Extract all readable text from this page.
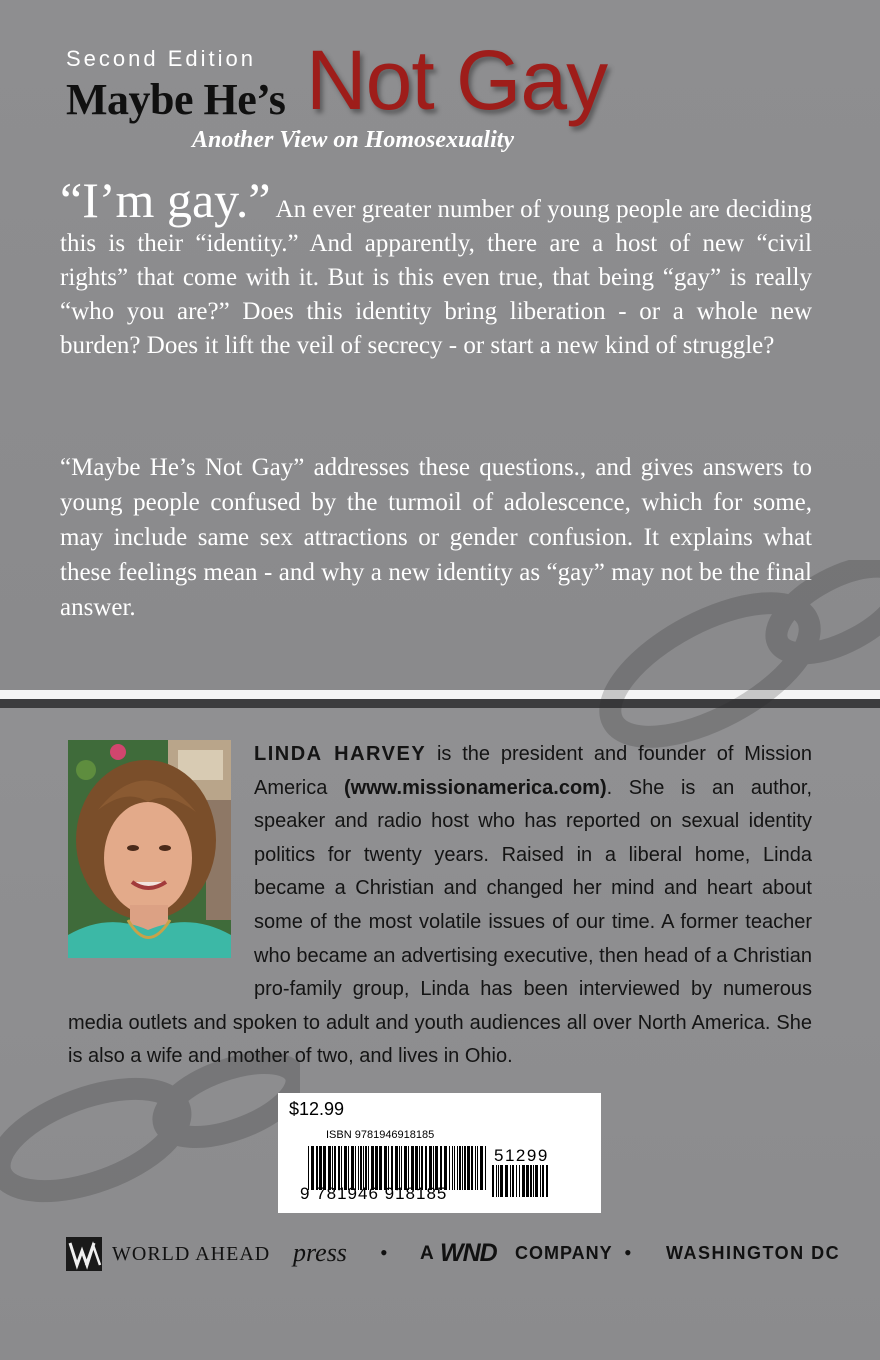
Second Edition
Maybe He’s Not Gay
Another View on Homosexuality
“I’m gay.” An ever greater number of young people are deciding this is their “identity.” And apparently, there are a host of new “civil rights” that come with it. But is this even true, that being “gay” is really “who you are?” Does this identity bring liberation - or a whole new burden? Does it lift the veil of secrecy - or start a new kind of struggle?
“Maybe He’s Not Gay” addresses these questions., and gives answers to young people confused by the turmoil of adolescence, which for some, may include same sex attractions or gender confusion. It explains what these feelings mean - and why a new identity as “gay” may not be the final answer.
LINDA HARVEY is the president and founder of Mission America (www.missionamerica.com). She is an author, speaker and radio host who has reported on sexual identity politics for twenty years. Raised in a liberal home, Linda became a Christian and changed her mind and heart about some of the most volatile issues of our time. A former teacher who became an advertising executive, then head of a Christian pro-family group, Linda has been interviewed by numerous media outlets and spoken to adult and youth audiences all over North America. She is also a wife and mother of two, and lives in Ohio.
$12.99
ISBN 9781946918185
9 781946 918185
51299
WORLD AHEAD press • A WND COMPANY • WASHINGTON DC
